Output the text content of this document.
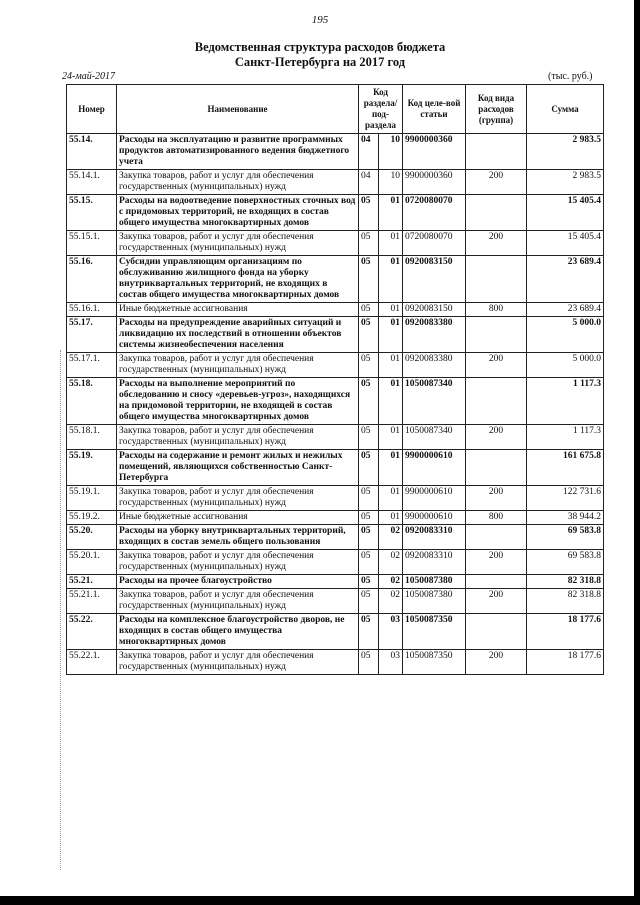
195
Ведомственная структура расходов бюджета
Санкт-Петербурга на 2017 год
24-май-2017	(тыс. руб.)
Номер	Наименование	Код раздела/ под-раздела		Код целе-вой статьи	Код вида расходов (группа)	Сумма
55.14.	Расходы на эксплуатацию и развитие программных продуктов автоматизированного ведения бюджетного учета	04	10	9900000360		2 983.5
55.14.1.	Закупка товаров, работ и услуг для обеспечения государственных (муниципальных) нужд	04	10	9900000360	200	2 983.5
55.15.	Расходы на водоотведение поверхностных сточных вод с придомовых территорий, не входящих в состав общего имущества многоквартирных домов	05	01	0720080070		15 405.4
55.15.1.	Закупка товаров, работ и услуг для обеспечения государственных (муниципальных) нужд	05	01	0720080070	200	15 405.4
55.16.	Субсидии управляющим организациям по обслуживанию жилищного фонда на уборку внутриквартальных территорий, не входящих в состав общего имущества многоквартирных домов	05	01	0920083150		23 689.4
55.16.1.	Иные бюджетные ассигнования	05	01	0920083150	800	23 689.4
55.17.	Расходы на предупреждение аварийных ситуаций и ликвидацию их последствий в отношении объектов системы жизнеобеспечения населения	05	01	0920083380		5 000.0
55.17.1.	Закупка товаров, работ и услуг для обеспечения государственных (муниципальных) нужд	05	01	0920083380	200	5 000.0
55.18.	Расходы на выполнение мероприятий по обследованию и сносу «деревьев-угроз», находящихся на придомовой территории, не входящей в состав общего имущества многоквартирных домов	05	01	1050087340		1 117.3
55.18.1.	Закупка товаров, работ и услуг для обеспечения государственных (муниципальных) нужд	05	01	1050087340	200	1 117.3
55.19.	Расходы на содержание и ремонт жилых и нежилых помещений, являющихся собственностью Санкт-Петербурга	05	01	9900000610		161 675.8
55.19.1.	Закупка товаров, работ и услуг для обеспечения государственных (муниципальных) нужд	05	01	9900000610	200	122 731.6
55.19.2.	Иные бюджетные ассигнования	05	01	9900000610	800	38 944.2
55.20.	Расходы на уборку внутриквартальных территорий, входящих в состав земель общего пользования	05	02	0920083310		69 583.8
55.20.1.	Закупка товаров, работ и услуг для обеспечения государственных (муниципальных) нужд	05	02	0920083310	200	69 583.8
55.21.	Расходы на прочее благоустройство	05	02	1050087380		82 318.8
55.21.1.	Закупка товаров, работ и услуг для обеспечения государственных (муниципальных) нужд	05	02	1050087380	200	82 318.8
55.22.	Расходы на комплексное благоустройство дворов, не входящих в состав общего имущества многоквартирных домов	05	03	1050087350		18 177.6
55.22.1.	Закупка товаров, работ и услуг для обеспечения государственных (муниципальных) нужд	05	03	1050087350	200	18 177.6
